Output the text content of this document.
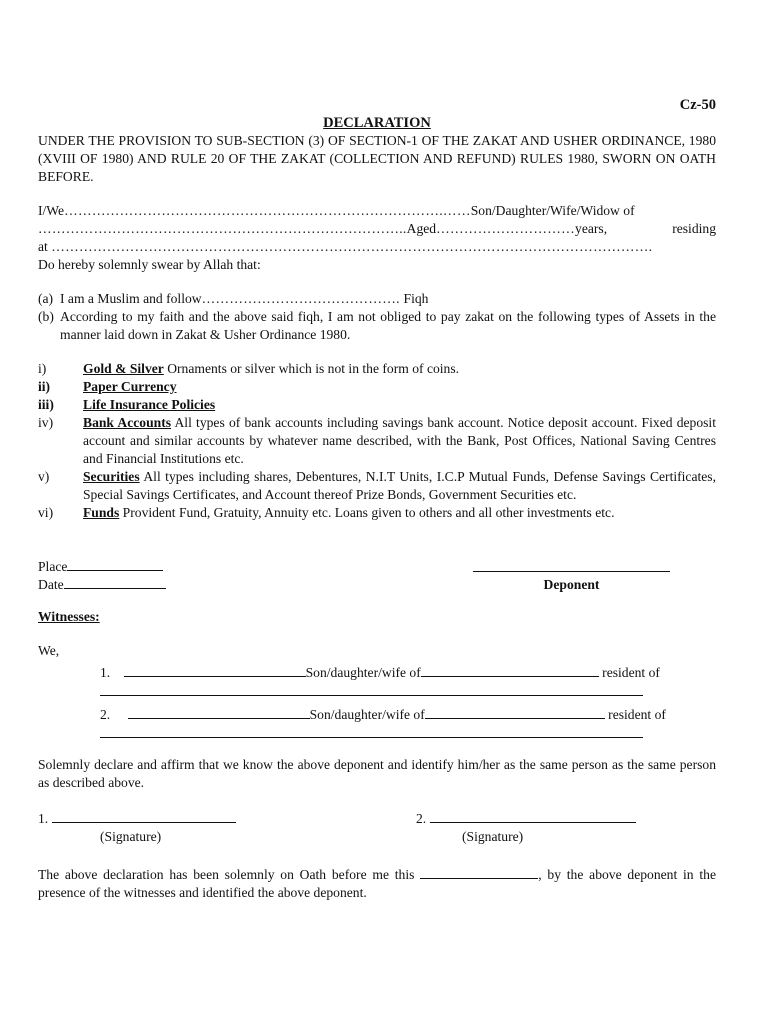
Cz-50
DECLARATION
UNDER THE PROVISION TO SUB-SECTION (3) OF SECTION-1 OF THE ZAKAT AND USHER ORDINANCE, 1980 (XVIII OF 1980) AND RULE 20 OF THE ZAKAT (COLLECTION AND REFUND) RULES 1980, SWORN ON OATH BEFORE.
I/We……………………………………………………………………….……Son/Daughter/Wife/Widow of
……………………………………………………………………..Aged…………………………years,	residing
at ………………………………………………………………………………………………………………….
Do hereby solemnly swear by Allah that:
(a) I am a Muslim and follow……………………………………. Fiqh
(b) According to my faith and the above said fiqh, I am not obliged to pay zakat on the following types of Assets in the manner laid down in Zakat & Usher Ordinance 1980.
i)	Gold & Silver Ornaments or silver which is not in the form of coins.
ii)	Paper Currency
iii)	Life Insurance Policies
iv)	Bank Accounts All types of bank accounts including savings bank account. Notice deposit account. Fixed deposit account and similar accounts by whatever name described, with the Bank, Post Offices, National Saving Centres and Financial Institutions etc.
v)	Securities All types including shares, Debentures, N.I.T Units, I.C.P Mutual Funds, Defense Savings Certificates, Special Savings Certificates, and Account thereof Prize Bonds, Government Securities etc.
vi)	Funds Provident Fund, Gratuity, Annuity etc. Loans given to others and all other investments etc.
Place
Date	Deponent
Witnesses:
We,
1.	Son/daughter/wife of	resident of
2.	Son/daughter/wife of	resident of
Solemnly declare and affirm that we know the above deponent and identify him/her as the same person as the same person as described above.
1.
(Signature)
2.
(Signature)
The above declaration has been solemnly on Oath before me this	, by the above deponent in the presence of the witnesses and identified the above deponent.
